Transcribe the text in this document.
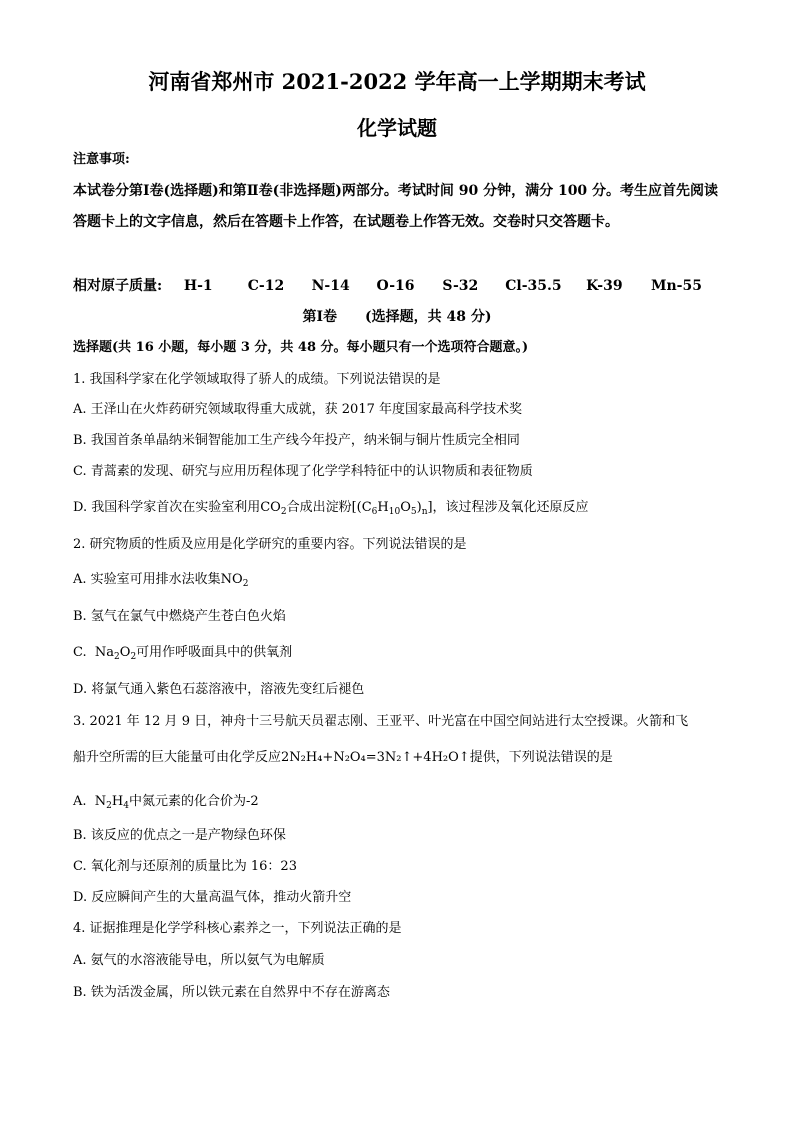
河南省郑州市 2021-2022 学年高一上学期期末考试
化学试题
注意事项:
本试卷分第Ⅰ卷(选择题)和第Ⅱ卷(非选择题)两部分。考试时间 90 分钟，满分 100 分。考生应首先阅读答题卡上的文字信息，然后在答题卡上作答，在试题卷上作答无效。交卷时只交答题卡。
相对原子质量: H-1	C-12 N-14 O-16 S-32 Cl-35.5 K-39 Mn-55
第Ⅰ卷　　(选择题，共 48 分)
选择题(共 16 小题，每小题 3 分，共 48 分。每小题只有一个选项符合题意。)
1. 我国科学家在化学领域取得了骄人的成绩。下列说法错误的是
A. 王泽山在火炸药研究领域取得重大成就，获 2017 年度国家最高科学技术奖
B. 我国首条单晶纳米铜智能加工生产线今年投产，纳米铜与铜片性质完全相同
C. 青蒿素的发现、研究与应用历程体现了化学学科特征中的认识物质和表征物质
D. 我国科学家首次在实验室利用$CO_2$合成出淀粉$[(C_6H_{10}O_5)_n]$，该过程涉及氧化还原反应
2. 研究物质的性质及应用是化学研究的重要内容。下列说法错误的是
A. 实验室可用排水法收集$NO_2$
B. 氢气在氯气中燃烧产生苍白色火焰
C. $Na_2O_2$可用作呼吸面具中的供氧剂
D. 将氯气通入紫色石蕊溶液中，溶液先变红后褪色
3. 2021 年 12 月 9 日，神舟十三号航天员翟志刚、王亚平、叶光富在中国空间站进行太空授课。火箭和飞
船升空所需的巨大能量可由化学反应2N₂H₄+N₂O₄=3N₂↑+4H₂O↑提供，下列说法错误的是
A. $N_2H_4$中氮元素的化合价为-2
B. 该反应的优点之一是产物绿色环保
C. 氧化剂与还原剂的质量比为 16：23
D. 反应瞬间产生的大量高温气体，推动火箭升空
4. 证据推理是化学学科核心素养之一，下列说法正确的是
A. 氨气的水溶液能导电，所以氨气为电解质
B. 铁为活泼金属，所以铁元素在自然界中不存在游离态
